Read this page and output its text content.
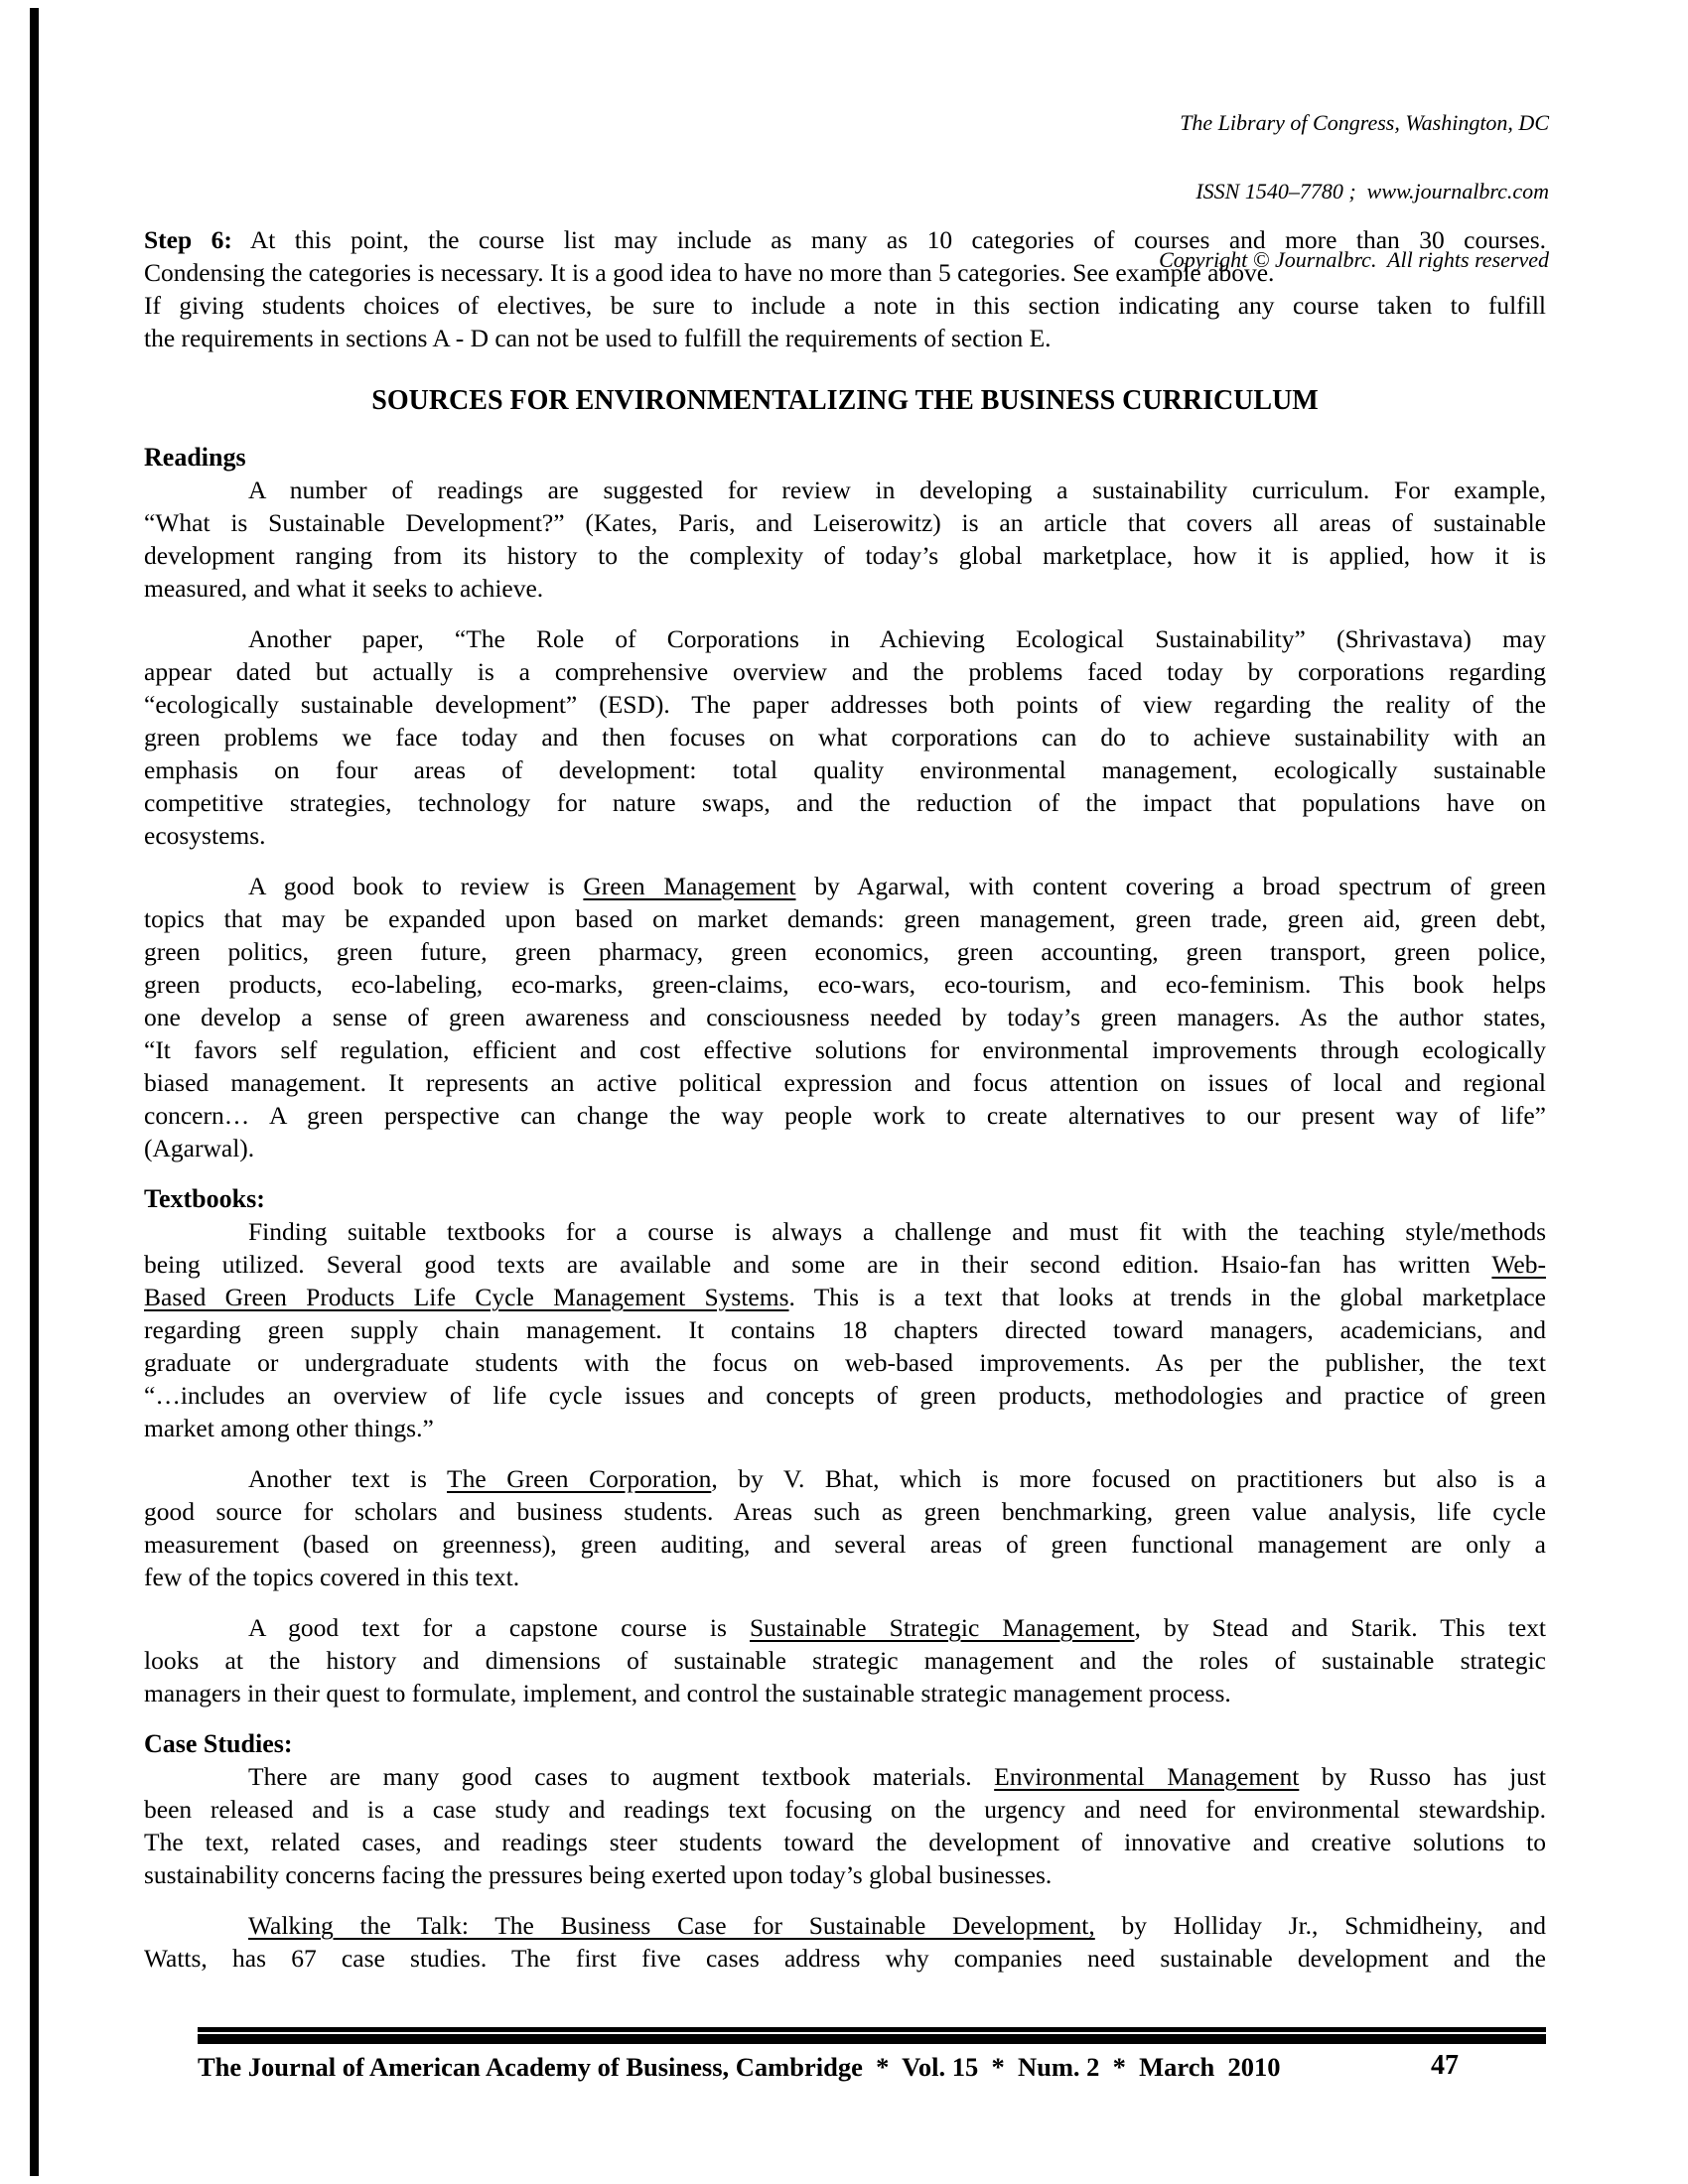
The Library of Congress, Washington, DC

ISSN 1540–7780 ;  www.journalbrc.com

Copyright © Journalbrc.  All rights reserved

Step 6: At this point, the course list may include as many as 10 categories of courses and more than 30 courses.
Condensing the categories is necessary. It is a good idea to have no more than 5 categories. See example above.
If giving students choices of electives, be sure to include a note in this section indicating any course taken to fulfill
the requirements in sections A - D can not be used to fulfill the requirements of section E.
SOURCES FOR ENVIRONMENTALIZING THE BUSINESS CURRICULUM
Readings
A number of readings are suggested for review in developing a sustainability curriculum. For example,
“What is Sustainable Development?” (Kates, Paris, and Leiserowitz) is an article that covers all areas of sustainable
development ranging from its history to the complexity of today’s global marketplace, how it is applied, how it is
measured, and what it seeks to achieve.
Another paper, “The Role of Corporations in Achieving Ecological Sustainability” (Shrivastava) may
appear dated but actually is a comprehensive overview and the problems faced today by corporations regarding
“ecologically sustainable development” (ESD). The paper addresses both points of view regarding the reality of the
green problems we face today and then focuses on what corporations can do to achieve sustainability with an
emphasis on four areas of development: total quality environmental management, ecologically sustainable
competitive strategies, technology for nature swaps, and the reduction of the impact that populations have on
ecosystems.
A good book to review is Green Management by Agarwal, with content covering a broad spectrum of green
topics that may be expanded upon based on market demands: green management, green trade, green aid, green debt,
green politics, green future, green pharmacy, green economics, green accounting, green transport, green police,
green products, eco-labeling, eco-marks, green-claims, eco-wars, eco-tourism, and eco-feminism. This book helps
one develop a sense of green awareness and consciousness needed by today’s green managers. As the author states,
“It favors self regulation, efficient and cost effective solutions for environmental improvements through ecologically
biased management. It represents an active political expression and focus attention on issues of local and regional
concern… A green perspective can change the way people work to create alternatives to our present way of life”
(Agarwal).
Textbooks:
Finding suitable textbooks for a course is always a challenge and must fit with the teaching style/methods
being utilized. Several good texts are available and some are in their second edition. Hsaio-fan has written Web-
Based Green Products Life Cycle Management Systems. This is a text that looks at trends in the global marketplace
regarding green supply chain management. It contains 18 chapters directed toward managers, academicians, and
graduate or undergraduate students with the focus on web-based improvements. As per the publisher, the text
“…includes an overview of life cycle issues and concepts of green products, methodologies and practice of green
market among other things.”
Another text is The Green Corporation, by V. Bhat, which is more focused on practitioners but also is a
good source for scholars and business students. Areas such as green benchmarking, green value analysis, life cycle
measurement (based on greenness), green auditing, and several areas of green functional management are only a
few of the topics covered in this text.
A good text for a capstone course is Sustainable Strategic Management, by Stead and Starik. This text
looks at the history and dimensions of sustainable strategic management and the roles of sustainable strategic
managers in their quest to formulate, implement, and control the sustainable strategic management process.
Case Studies:
There are many good cases to augment textbook materials. Environmental Management by Russo has just
been released and is a case study and readings text focusing on the urgency and need for environmental stewardship.
The text, related cases, and readings steer students toward the development of innovative and creative solutions to
sustainability concerns facing the pressures being exerted upon today’s global businesses.
Walking the Talk: The Business Case for Sustainable Development, by Holliday Jr., Schmidheiny, and
Watts, has 67 case studies. The first five cases address why companies need sustainable development and the
The Journal of American Academy of Business, Cambridge  *  Vol. 15  *  Num. 2  *  March  2010	47
